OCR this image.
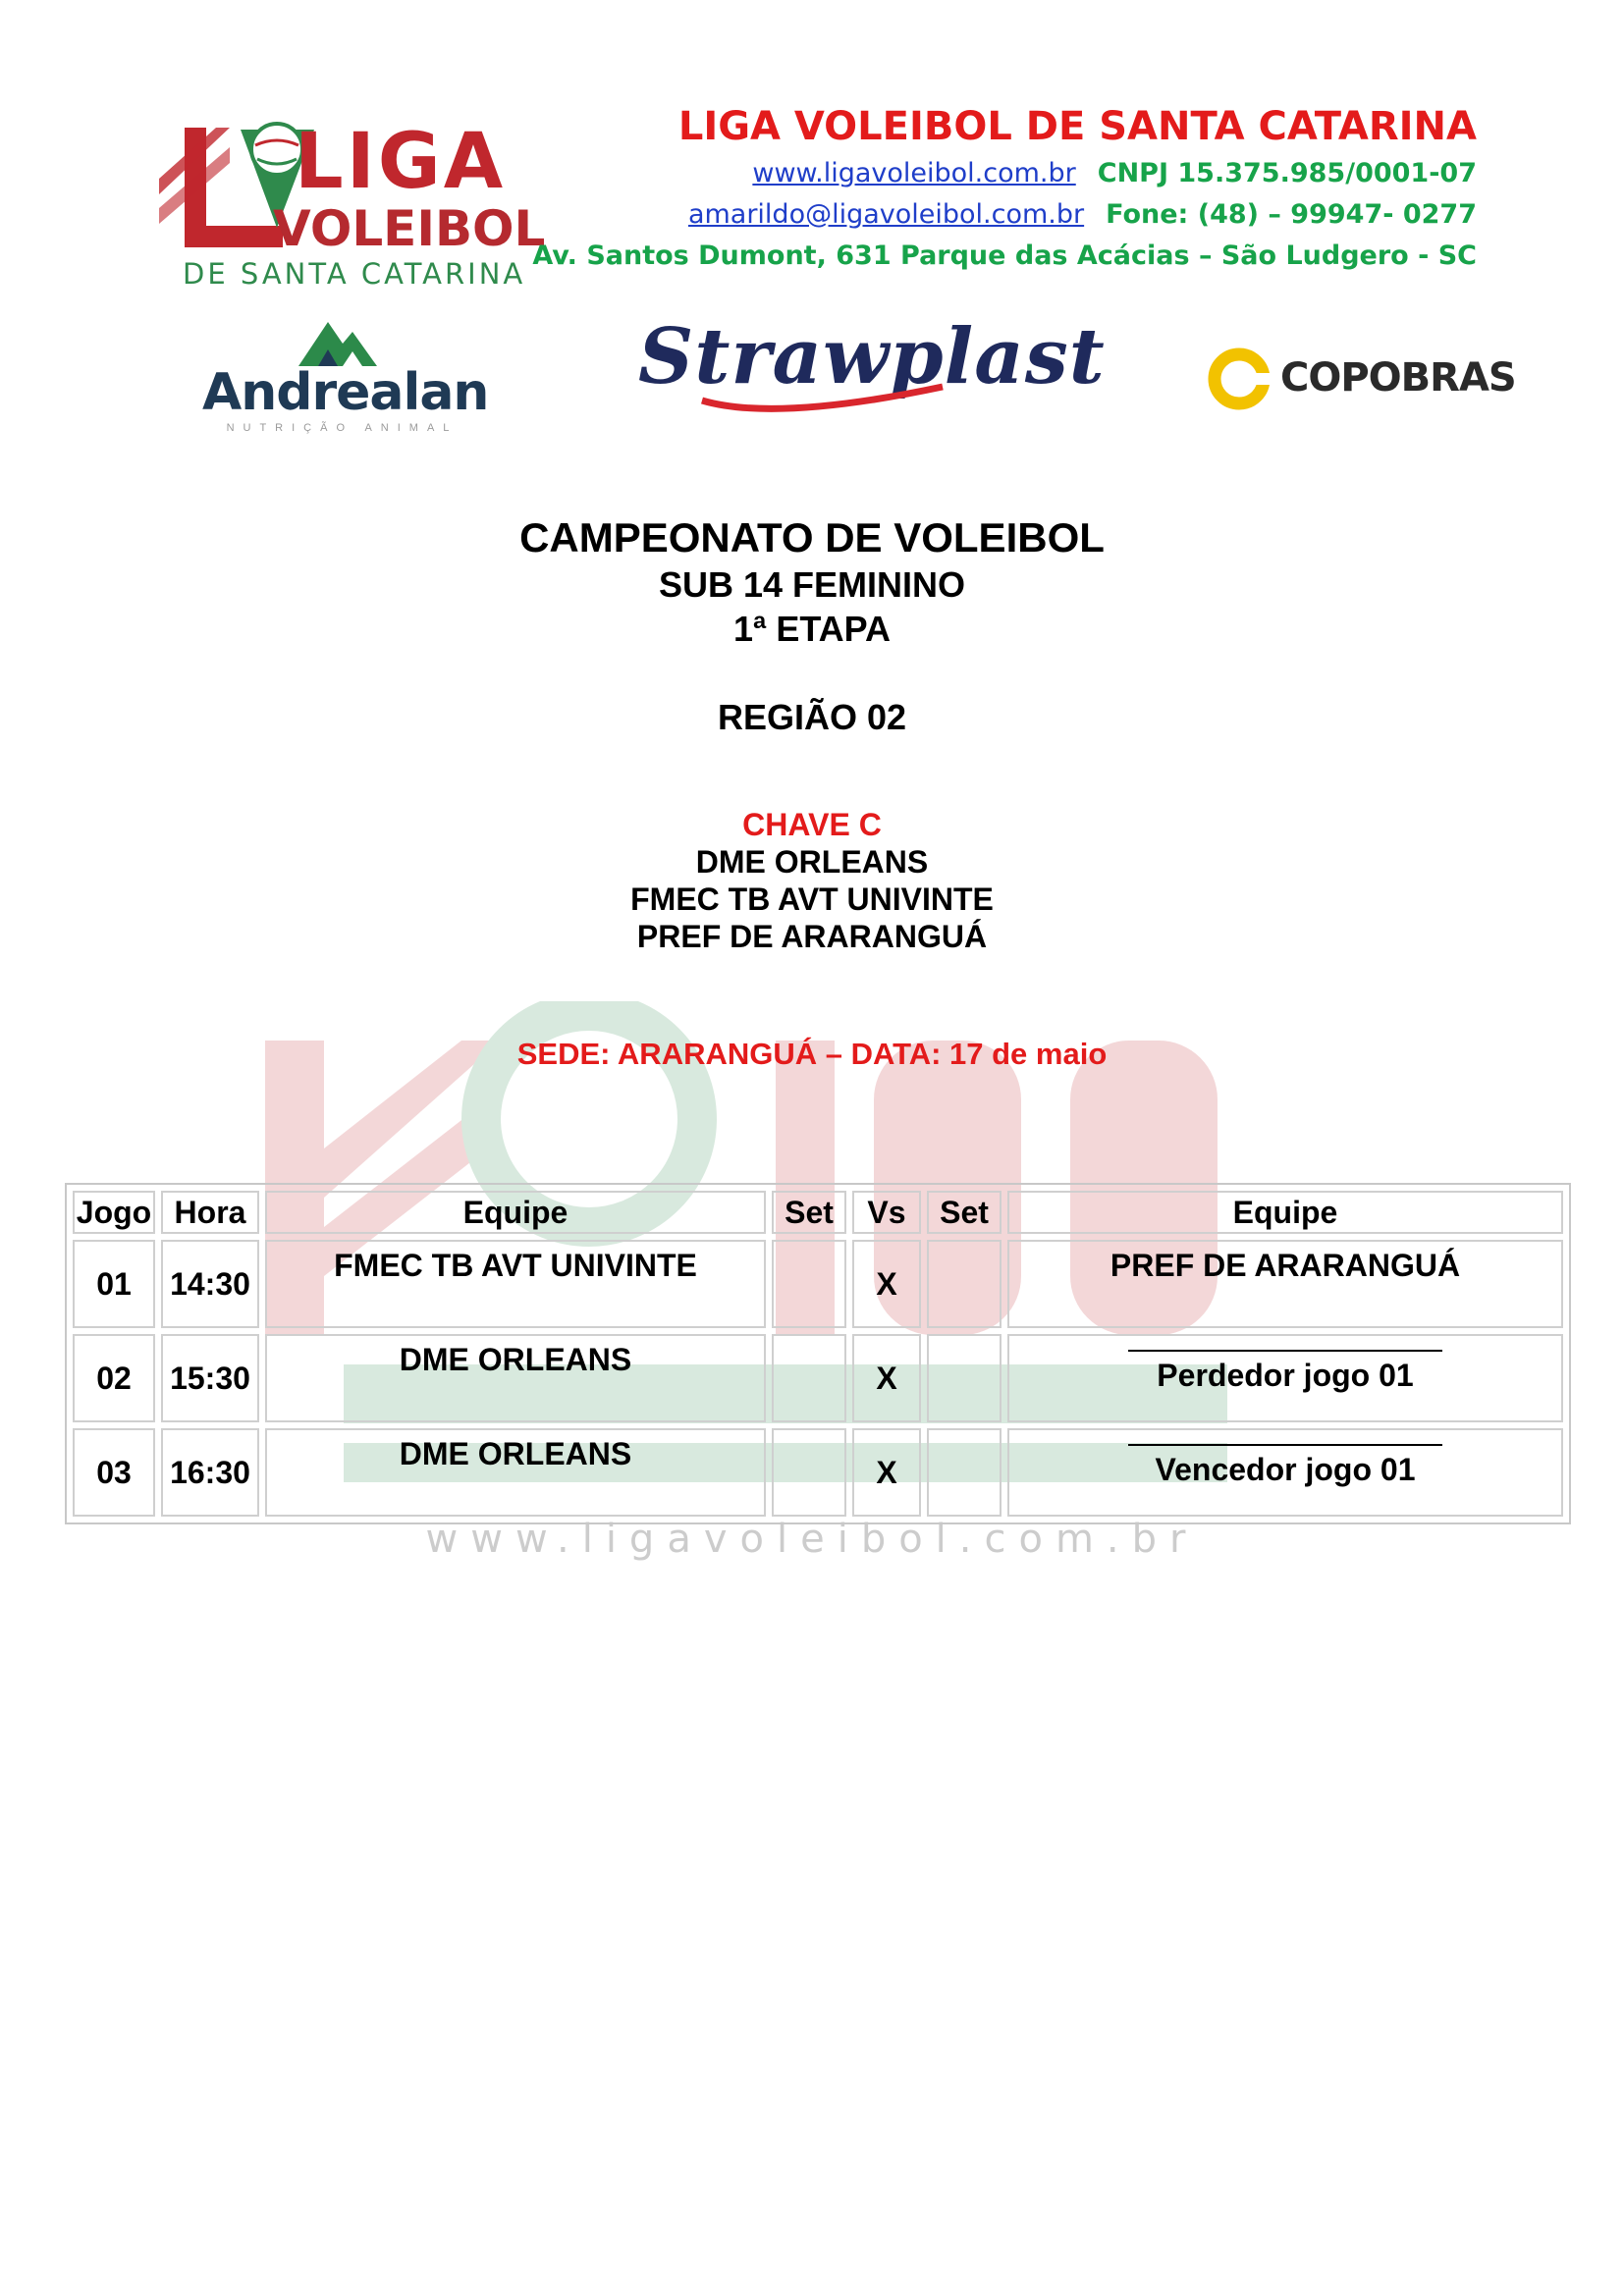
www.ligavoleibol.com.br
LIGA
VOLEIBOL
DE SANTA CATARINA
LIGA VOLEIBOL DE SANTA CATARINA
www.ligavoleibol.com.br CNPJ 15.375.985/0001-07
amarildo@ligavoleibol.com.br Fone: (48) – 99947- 0277
Av. Santos Dumont, 631 Parque das Acácias – São Ludgero - SC
Andrealan
NUTRIÇÃO ANIMAL
Strawplast	COPOBRAS
CAMPEONATO DE VOLEIBOL
SUB 14 FEMININO
1ª ETAPA
REGIÃO 02
CHAVE C
DME ORLEANS
FMEC TB AVT UNIVINTE
PREF DE ARARANGUÁ
SEDE: ARARANGUÁ – DATA: 17 de maio
Jogo	Hora	Equipe	Set	Vs	Set	Equipe
01	14:30	FMEC TB AVT UNIVINTE		X		PREF DE ARARANGUÁ
02	15:30	DME ORLEANS		X		Perdedor jogo 01

03	16:30	DME ORLEANS		X		Vencedor jogo 01
